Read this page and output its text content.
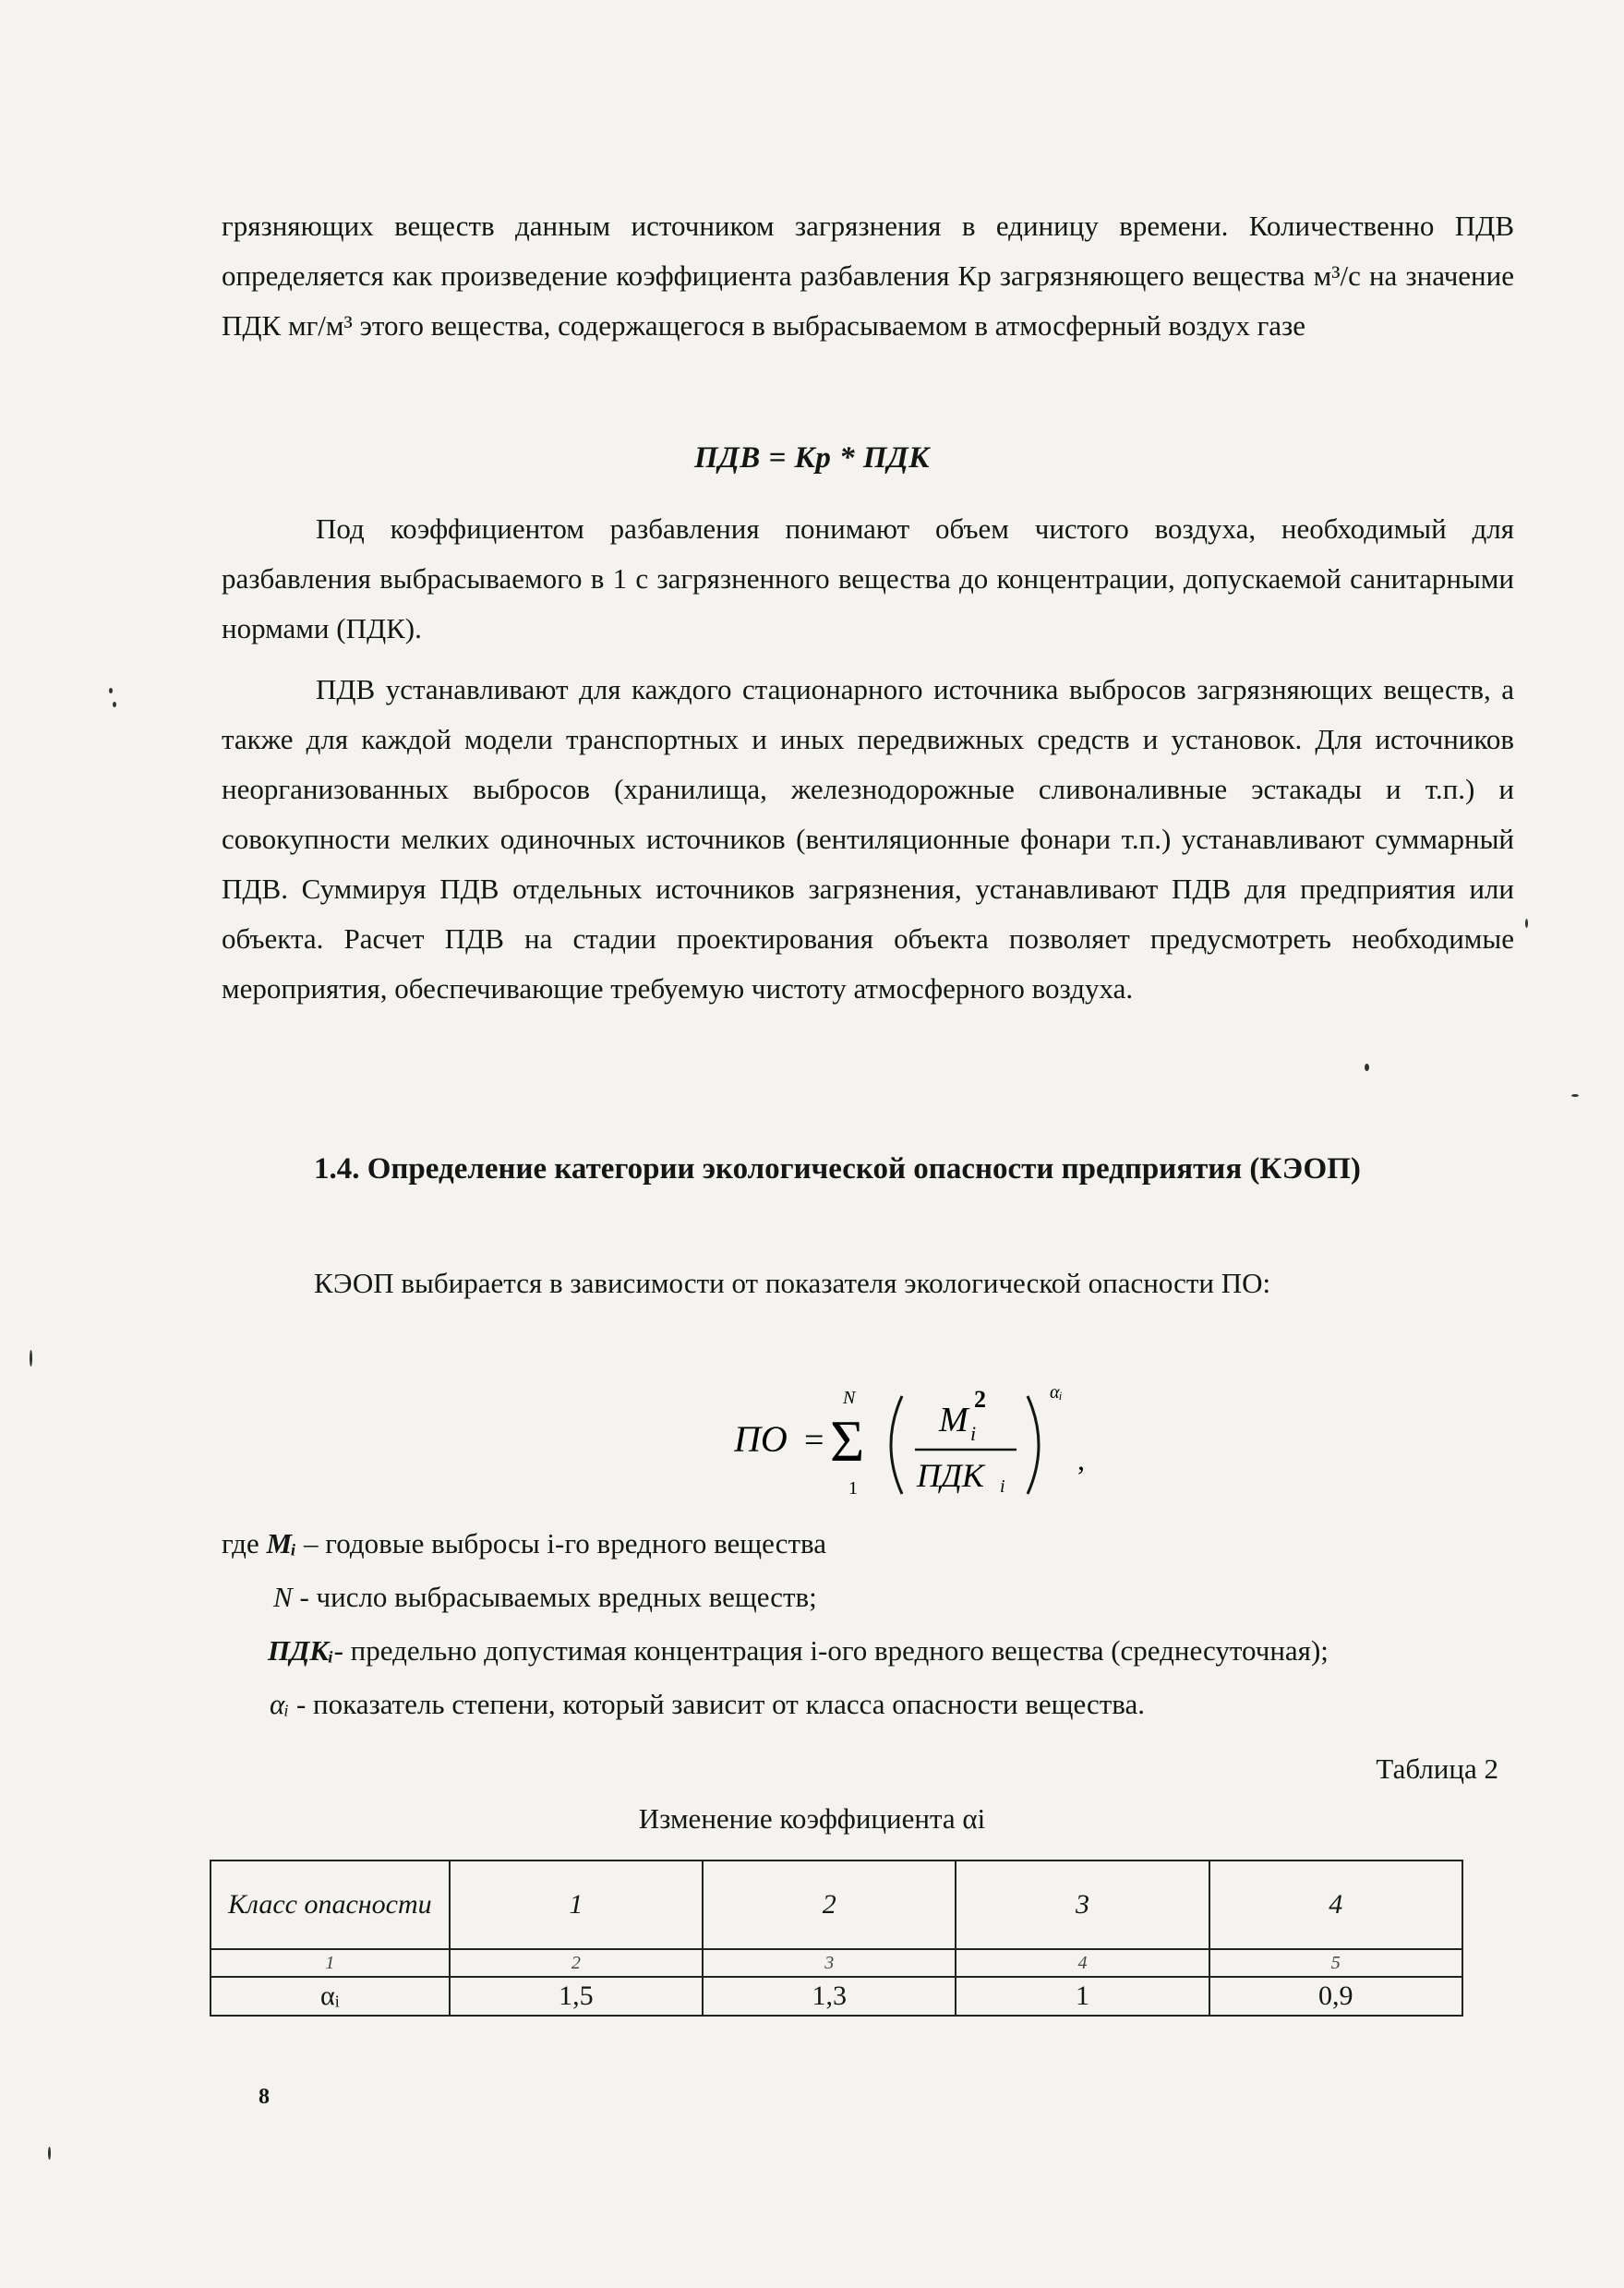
грязняющих веществ данным источником загрязнения в единицу времени. Количественно ПДВ определяется как произведение коэффициента разбавления Кр загрязняющего вещества м³/с на значение ПДК мг/м³ этого вещества, содержащегося в выбрасываемом в атмосферный воздух газе

ПДВ = Кр * ПДК

Под коэффициентом разбавления понимают объем чистого воздуха, необходимый для разбавления выбрасываемого в 1 с загрязненного вещества до концентрации, допускаемой санитарными нормами (ПДК).

ПДВ устанавливают для каждого стационарного источника выбросов загрязняющих веществ, а также для каждой модели транспортных и иных передвижных средств и установок. Для источников неорганизованных выбросов (хранилища, железнодорожные сливоналивные эстакады и т.п.) и совокупности мелких одиночных источников (вентиляционные фонари т.п.) устанавливают суммарный ПДВ. Суммируя ПДВ отдельных источников загрязнения, устанавливают ПДВ для предприятия или объекта. Расчет ПДВ на стадии проектирования объекта позволяет предусмотреть необходимые мероприятия, обеспечивающие требуемую чистоту атмосферного воздуха.

1.4. Определение категории экологической опасности предприятия (КЭОП)

КЭОП выбирается в зависимости от показателя экологической опасности ПО:

ПО =
N
Σ
1
M i
2
ПДК i
αᵢ
,

где Mᵢ – годовые выбросы i-го вредного вещества

N - число выбрасываемых вредных веществ;

ПДКᵢ- предельно допустимая концентрация i-ого вредного вещества (среднесуточная);

αᵢ - показатель степени, который зависит от класса опасности вещества.

Таблица 2
Изменение коэффициента αi
Класс опасности	1	2	3	4
1	2	3	4	5
αᵢ	1,5	1,3	1	0,9
8
